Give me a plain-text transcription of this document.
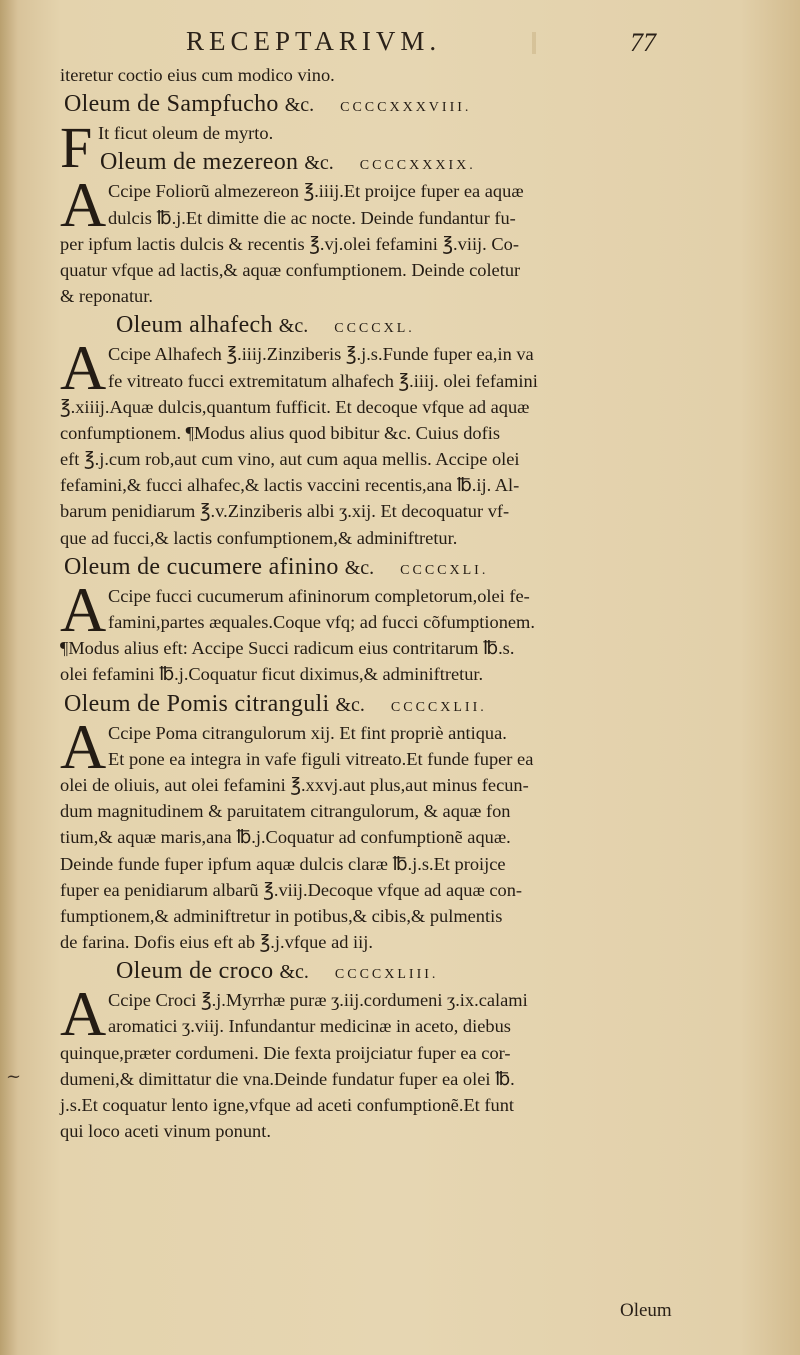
RECEPTARIVM.	77
iteretur coctio eius cum modico vino.
Oleum de Sampfucho &c. CCCCXXXVIII.
F It ficut oleum de myrto.
Oleum de mezereon &c. CCCCXXXIX.
A Ccipe Foliorũ almezereon ℥.iiij.Et proijce fuper ea aquæ
dulcis ℔.j.Et dimitte die ac nocte. Deinde fundantur fu-
per ipfum lactis dulcis & recentis ℥.vj.olei fefamini ℥.viij. Co-
quatur vfque ad lactis,& aquæ confumptionem. Deinde coletur
& reponatur.
Oleum alhafech &c. CCCCXL.
A Ccipe Alhafech ℥.iiij.Zinziberis ℥.j.s.Funde fuper ea,in va
fe vitreato fucci extremitatum alhafech ℥.iiij. olei fefamini
℥.xiiij.Aquæ dulcis,quantum fufficit. Et decoque vfque ad aquæ
confumptionem. ¶Modus alius quod bibitur &c. Cuius dofis
eft ℥.j.cum rob,aut cum vino, aut cum aqua mellis. Accipe olei
fefamini,& fucci alhafec,& lactis vaccini recentis,ana ℔.ij. Al-
barum penidiarum ℥.v.Zinziberis albi ʒ.xij. Et decoquatur vf-
que ad fucci,& lactis confumptionem,& adminiftretur.
Oleum de cucumere afinino &c. CCCCXLI.
A Ccipe fucci cucumerum afininorum completorum,olei fe-
famini,partes æquales.Coque vfq; ad fucci cõfumptionem.
¶Modus alius eft: Accipe Succi radicum eius contritarum ℔.s.
olei fefamini ℔.j.Coquatur ficut diximus,& adminiftretur.
Oleum de Pomis citranguli &c. CCCCXLII.
A Ccipe Poma citrangulorum xij. Et fint propriè antiqua.
Et pone ea integra in vafe figuli vitreato.Et funde fuper ea
olei de oliuis, aut olei fefamini ℥.xxvj.aut plus,aut minus fecun-
dum magnitudinem & paruitatem citrangulorum, & aquæ fon
tium,& aquæ maris,ana ℔.j.Coquatur ad confumptionẽ aquæ.
Deinde funde fuper ipfum aquæ dulcis claræ ℔.j.s.Et proijce
fuper ea penidiarum albarũ ℥.viij.Decoque vfque ad aquæ con-
fumptionem,& adminiftretur in potibus,& cibis,& pulmentis
de farina. Dofis eius eft ab ℥.j.vfque ad iij.
Oleum de croco &c. CCCCXLIII.
A Ccipe Croci ℥.j.Myrrhæ puræ ʒ.iij.cordumeni ʒ.ix.calami
aromatici ʒ.viij. Infundantur medicinæ in aceto, diebus
quinque,præter cordumeni. Die fexta proijciatur fuper ea cor-
dumeni,& dimittatur die vna.Deinde fundatur fuper ea olei ℔.
j.s.Et coquatur lento igne,vfque ad aceti confumptionẽ.Et funt
qui loco aceti vinum ponunt.
~
Oleum
